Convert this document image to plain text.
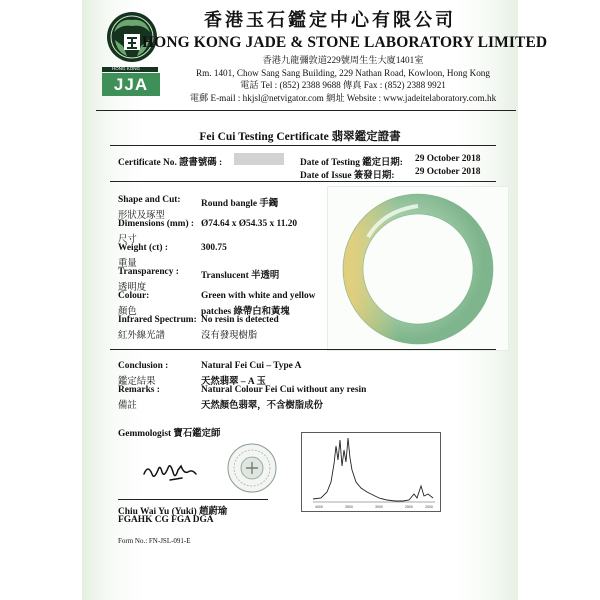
HONG KONG
JJA
香港玉石鑑定中心有限公司
HONG KONG JADE & STONE LABORATORY LIMITED
香港九龍彌敦道229號周生生大廈1401室
Rm. 1401, Chow Sang Sang Building, 229 Nathan Road, Kowloon, Hong Kong
電話 Tel : (852) 2388 9688 傳真 Fax : (852) 2388 9921
電郵 E-mail : hkjsl@netvigator.com 網址 Website : www.jadeitelaboratory.com.hk
Fei Cui Testing Certificate 翡翠鑑定證書
Certificate No. 證書號碼 :	Date of Testing 鑑定日期: 29 October 2018
Date of Issue 簽發日期: 29 October 2018
Shape and Cut:
形狀及琢型
Round bangle 手鐲
Dimensions (mm) :
尺寸
Ø74.64 x Ø54.35 x 11.20
Weight (ct) :
重量
300.75
Transparency :
透明度
Translucent 半透明
Colour:
顏色
Green with white and yellow
patches 綠帶白和黃塊
Infrared Spectrum:
紅外線光譜
No resin is detected
沒有發現樹脂
Conclusion :
鑑定結果
Natural Fei Cui – Type A
天然翡翠 – A 玉
Remarks :
備註
Natural Colour Fei Cui without any resin
天然顏色翡翠，不含樹脂成份
Gemmologist 寶石鑑定師
4000	3500	3000	2500	2000
Chiu Wai Yu (Yuki) 趙蔚瑜
FGAHK CG FGA DGA
Form No.: FN-JSL-091-E
